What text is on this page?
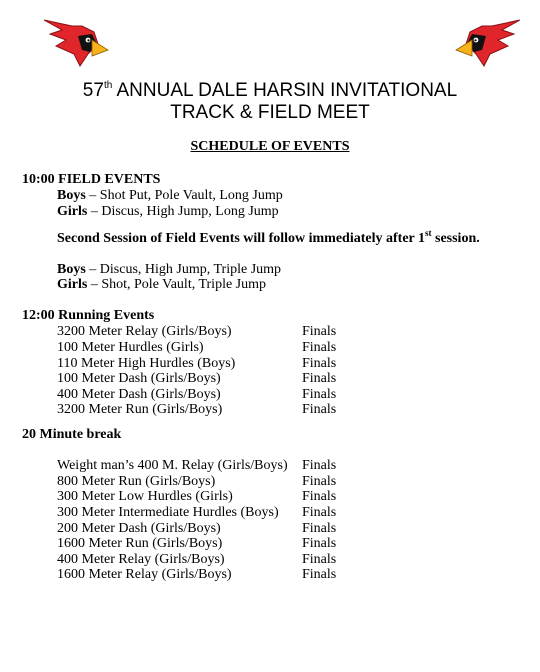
57th ANNUAL DALE HARSIN INVITATIONAL
TRACK & FIELD MEET
SCHEDULE OF EVENTS
10:00 FIELD EVENTS
Boys – Shot Put, Pole Vault, Long Jump
Girls – Discus, High Jump, Long Jump
Second Session of Field Events will follow immediately after 1st session.
Boys – Discus, High Jump, Triple Jump
Girls – Shot, Pole Vault, Triple Jump
12:00 Running Events
3200 Meter Relay (Girls/Boys)	Finals
100 Meter Hurdles (Girls)	Finals
110 Meter High Hurdles (Boys)	Finals
100 Meter Dash (Girls/Boys)	Finals
400 Meter Dash (Girls/Boys)	Finals
3200 Meter Run (Girls/Boys)	Finals
20 Minute break
Weight man’s 400 M. Relay (Girls/Boys) Finals
800 Meter Run (Girls/Boys)	Finals
300 Meter Low Hurdles (Girls)	Finals
300 Meter Intermediate Hurdles (Boys) Finals
200 Meter Dash (Girls/Boys)	Finals
1600 Meter Run (Girls/Boys)	Finals
400 Meter Relay (Girls/Boys)	Finals
1600 Meter Relay (Girls/Boys)	Finals
